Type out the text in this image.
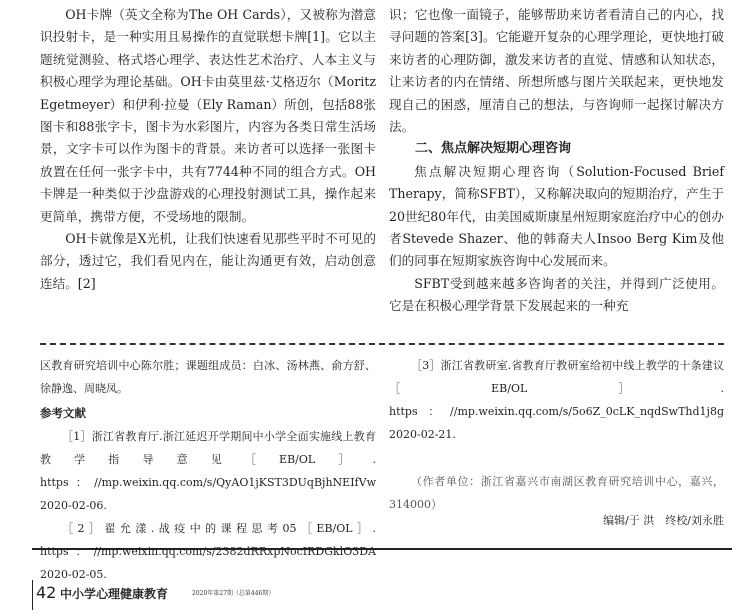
OH卡牌（英文全称为The OH Cards），又被称为潜意识投射卡，是一种实用且易操作的直觉联想卡牌[1]。它以主题统觉测验、格式塔心理学、表达性艺术治疗、人本主义与积极心理学为理论基础。OH卡由莫里兹·艾格迈尔（Moritz Egetmeyer）和伊利·拉曼（Ely Raman）所创，包括88张图卡和88张字卡，图卡为水彩图片，内容为各类日常生活场景，文字卡可以作为图卡的背景。来访者可以选择一张图卡放置在任何一张字卡中，共有7744种不同的组合方式。OH卡牌是一种类似于沙盘游戏的心理投射测试工具，操作起来更简单，携带方便，不受场地的限制。

OH卡就像是X光机，让我们快速看见那些平时不可见的部分，透过它，我们看见内在，能让沟通更有效，启动创意连结。[2]

识；它也像一面镜子，能够帮助来访者看清自己的内心，找寻问题的答案[3]。它能避开复杂的心理学理论，更快地打破来访者的心理防御，激发来访者的直觉、情感和认知状态，让来访者的内在情绪、所想所感与图片关联起来，更快地发现自己的困惑，厘清自己的想法，与咨询师一起探讨解决方法。

二、焦点解决短期心理咨询

焦点解决短期心理咨询（Solution-Focused Brief Therapy，简称SFBT），又称解决取向的短期治疗，产生于20世纪80年代，由美国威斯康星州短期家庭治疗中心的创办者Stevede Shazer、他的韩裔夫人Insoo Berg Kim及他们的同事在短期家族咨询中心发展而来。

SFBT受到越来越多咨询者的关注，并得到广泛使用。它是在积极心理学背景下发展起来的一种充

区教育研究培训中心陈尔胜；课题组成员：白冰、汤林燕、俞方舒、徐静逸、周晓凤。

参考文献

［1］浙江省教育厅.浙江延迟开学期间中小学全面实施线上教育教学指导意见［EB/OL］. https：//mp.weixin.qq.com/s/QyAO1jKST3DUqBjhNEIfVw 2020-02-06.

［2］翟允漾.战疫中的课程思考05［EB/OL］. https：//mp.weixin.qq.com/s/2382dRRxpNocIRDGklO3DA 2020-02-05.

［3］浙江省教研室.省教育厅教研室给初中线上教学的十条建议［EB/OL］. https：//mp.weixin.qq.com/s/5o6Z_0cLK_nqdSwThd1j8g 2020-02-21.

（作者单位：浙江省嘉兴市南湖区教育研究培训中心，嘉兴，314000）

编辑/于 洪　终校/刘永胜
42 中小学心理健康教育	2020年第27期（总第446期）
